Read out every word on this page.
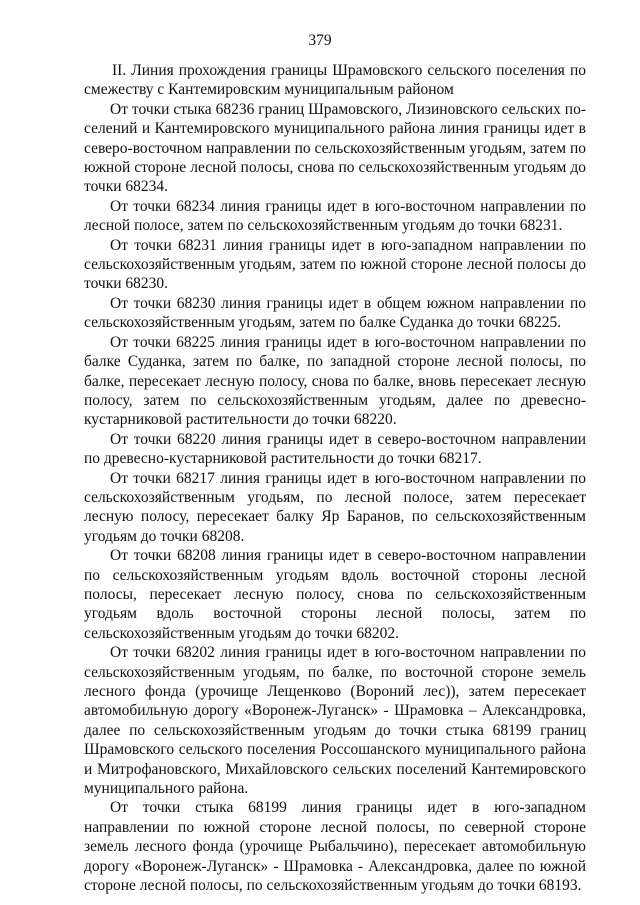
379

II. Линия прохождения границы Шрамовского сельского поселения по смежеству с Кантемировским муниципальным районом

От точки стыка 68236 границ Шрамовского, Лизиновского сельских поселений и Кантемировского муниципального района линия границы идет в северо-восточном направлении по сельскохозяйственным угодьям, затем по южной стороне лесной полосы, снова по сельскохозяйственным угодьям до точки 68234.

От точки 68234 линия границы идет в юго-восточном направлении по лесной полосе, затем по сельскохозяйственным угодьям до точки 68231.

От точки 68231 линия границы идет в юго-западном направлении по сельскохозяйственным угодьям, затем по южной стороне лесной полосы до точки 68230.

От точки 68230 линия границы идет в общем южном направлении по сельскохозяйственным угодьям, затем по балке Суданка до точки 68225.

От точки 68225 линия границы идет в юго-восточном направлении по балке Суданка, затем по балке, по западной стороне лесной полосы, по балке, пересекает лесную полосу, снова по балке, вновь пересекает лесную полосу, затем по сельскохозяйственным угодьям, далее по древесно-кустарниковой растительности до точки 68220.

От точки 68220 линия границы идет в северо-восточном направлении по древесно-кустарниковой растительности до точки 68217.

От точки 68217 линия границы идет в юго-восточном направлении по сельскохозяйственным угодьям, по лесной полосе, затем пересекает лесную полосу, пересекает балку Яр Баранов, по сельскохозяйственным угодьям до точки 68208.

От точки 68208 линия границы идет в северо-восточном направлении по сельскохозяйственным угодьям вдоль восточной стороны лесной полосы, пересекает лесную полосу, снова по сельскохозяйственным угодьям вдоль восточной стороны лесной полосы, затем по сельскохозяйственным угодьям до точки 68202.

От точки 68202 линия границы идет в юго-восточном направлении по сельскохозяйственным угодьям, по балке, по восточной стороне земель лесного фонда (урочище Лещенково (Вороний лес)), затем пересекает автомобильную дорогу «Воронеж-Луганск» - Шрамовка – Александровка, далее по сельскохозяйственным угодьям до точки стыка 68199 границ Шрамовского сельского поселения Россошанского муниципального района и Митрофановского, Михайловского сельских поселений Кантемировского муниципального района.

От точки стыка 68199 линия границы идет в юго-западном направлении по южной стороне лесной полосы, по северной стороне земель лесного фонда (урочище Рыбальчино), пересекает автомобильную дорогу «Воронеж-Луганск» - Шрамовка - Александровка, далее по южной стороне лесной полосы, по сельскохозяйственным угодьям до точки 68193.
